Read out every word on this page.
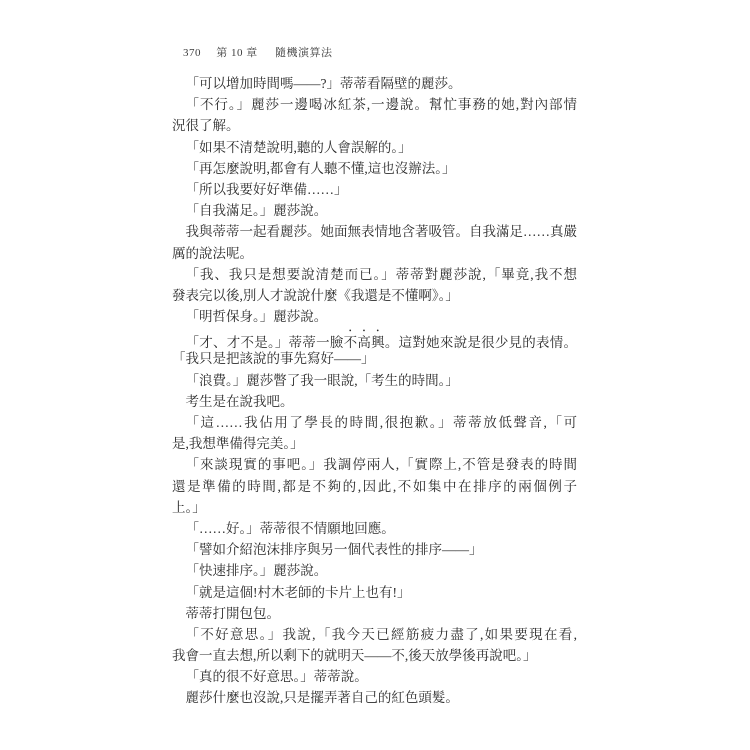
370 第 10 章 隨機演算法
「可以增加時間嗎——?」蒂蒂看隔壁的麗莎。
「不行。」麗莎一邊喝冰紅茶,一邊說。幫忙事務的她,對內部情
況很了解。
「如果不清楚說明,聽的人會誤解的。」
「再怎麼說明,都會有人聽不懂,這也沒辦法。」
「所以我要好好準備……」
「自我滿足。」麗莎說。
我與蒂蒂一起看麗莎。她面無表情地含著吸管。自我滿足……真嚴
厲的說法呢。
「我、我只是想要說清楚而已。」蒂蒂對麗莎說,「畢竟,我不想
發表完以後,別人才說說什麼《我還是不懂啊》。」
「明哲保身。」麗莎說。
「才、才不是。」蒂蒂一臉不高興。這對她來說是很少見的表情。
「我只是把該說的事先寫好——」
「浪費。」麗莎瞥了我一眼說,「考生的時間。」
考生是在說我吧。
「這……我佔用了學長的時間,很抱歉。」蒂蒂放低聲音,「可
是,我想準備得完美。」
「來談現實的事吧。」我調停兩人,「實際上,不管是發表的時間
還是準備的時間,都是不夠的,因此,不如集中在排序的兩個例子
上。」
「……好。」蒂蒂很不情願地回應。
「譬如介紹泡沫排序與另一個代表性的排序——」
「快速排序。」麗莎說。
「就是這個!村木老師的卡片上也有!」
蒂蒂打開包包。
「不好意思。」我說,「我今天已經筋疲力盡了,如果要現在看,
我會一直去想,所以剩下的就明天——不,後天放學後再說吧。」
「真的很不好意思。」蒂蒂說。
麗莎什麼也沒說,只是擺弄著自己的紅色頭髮。
